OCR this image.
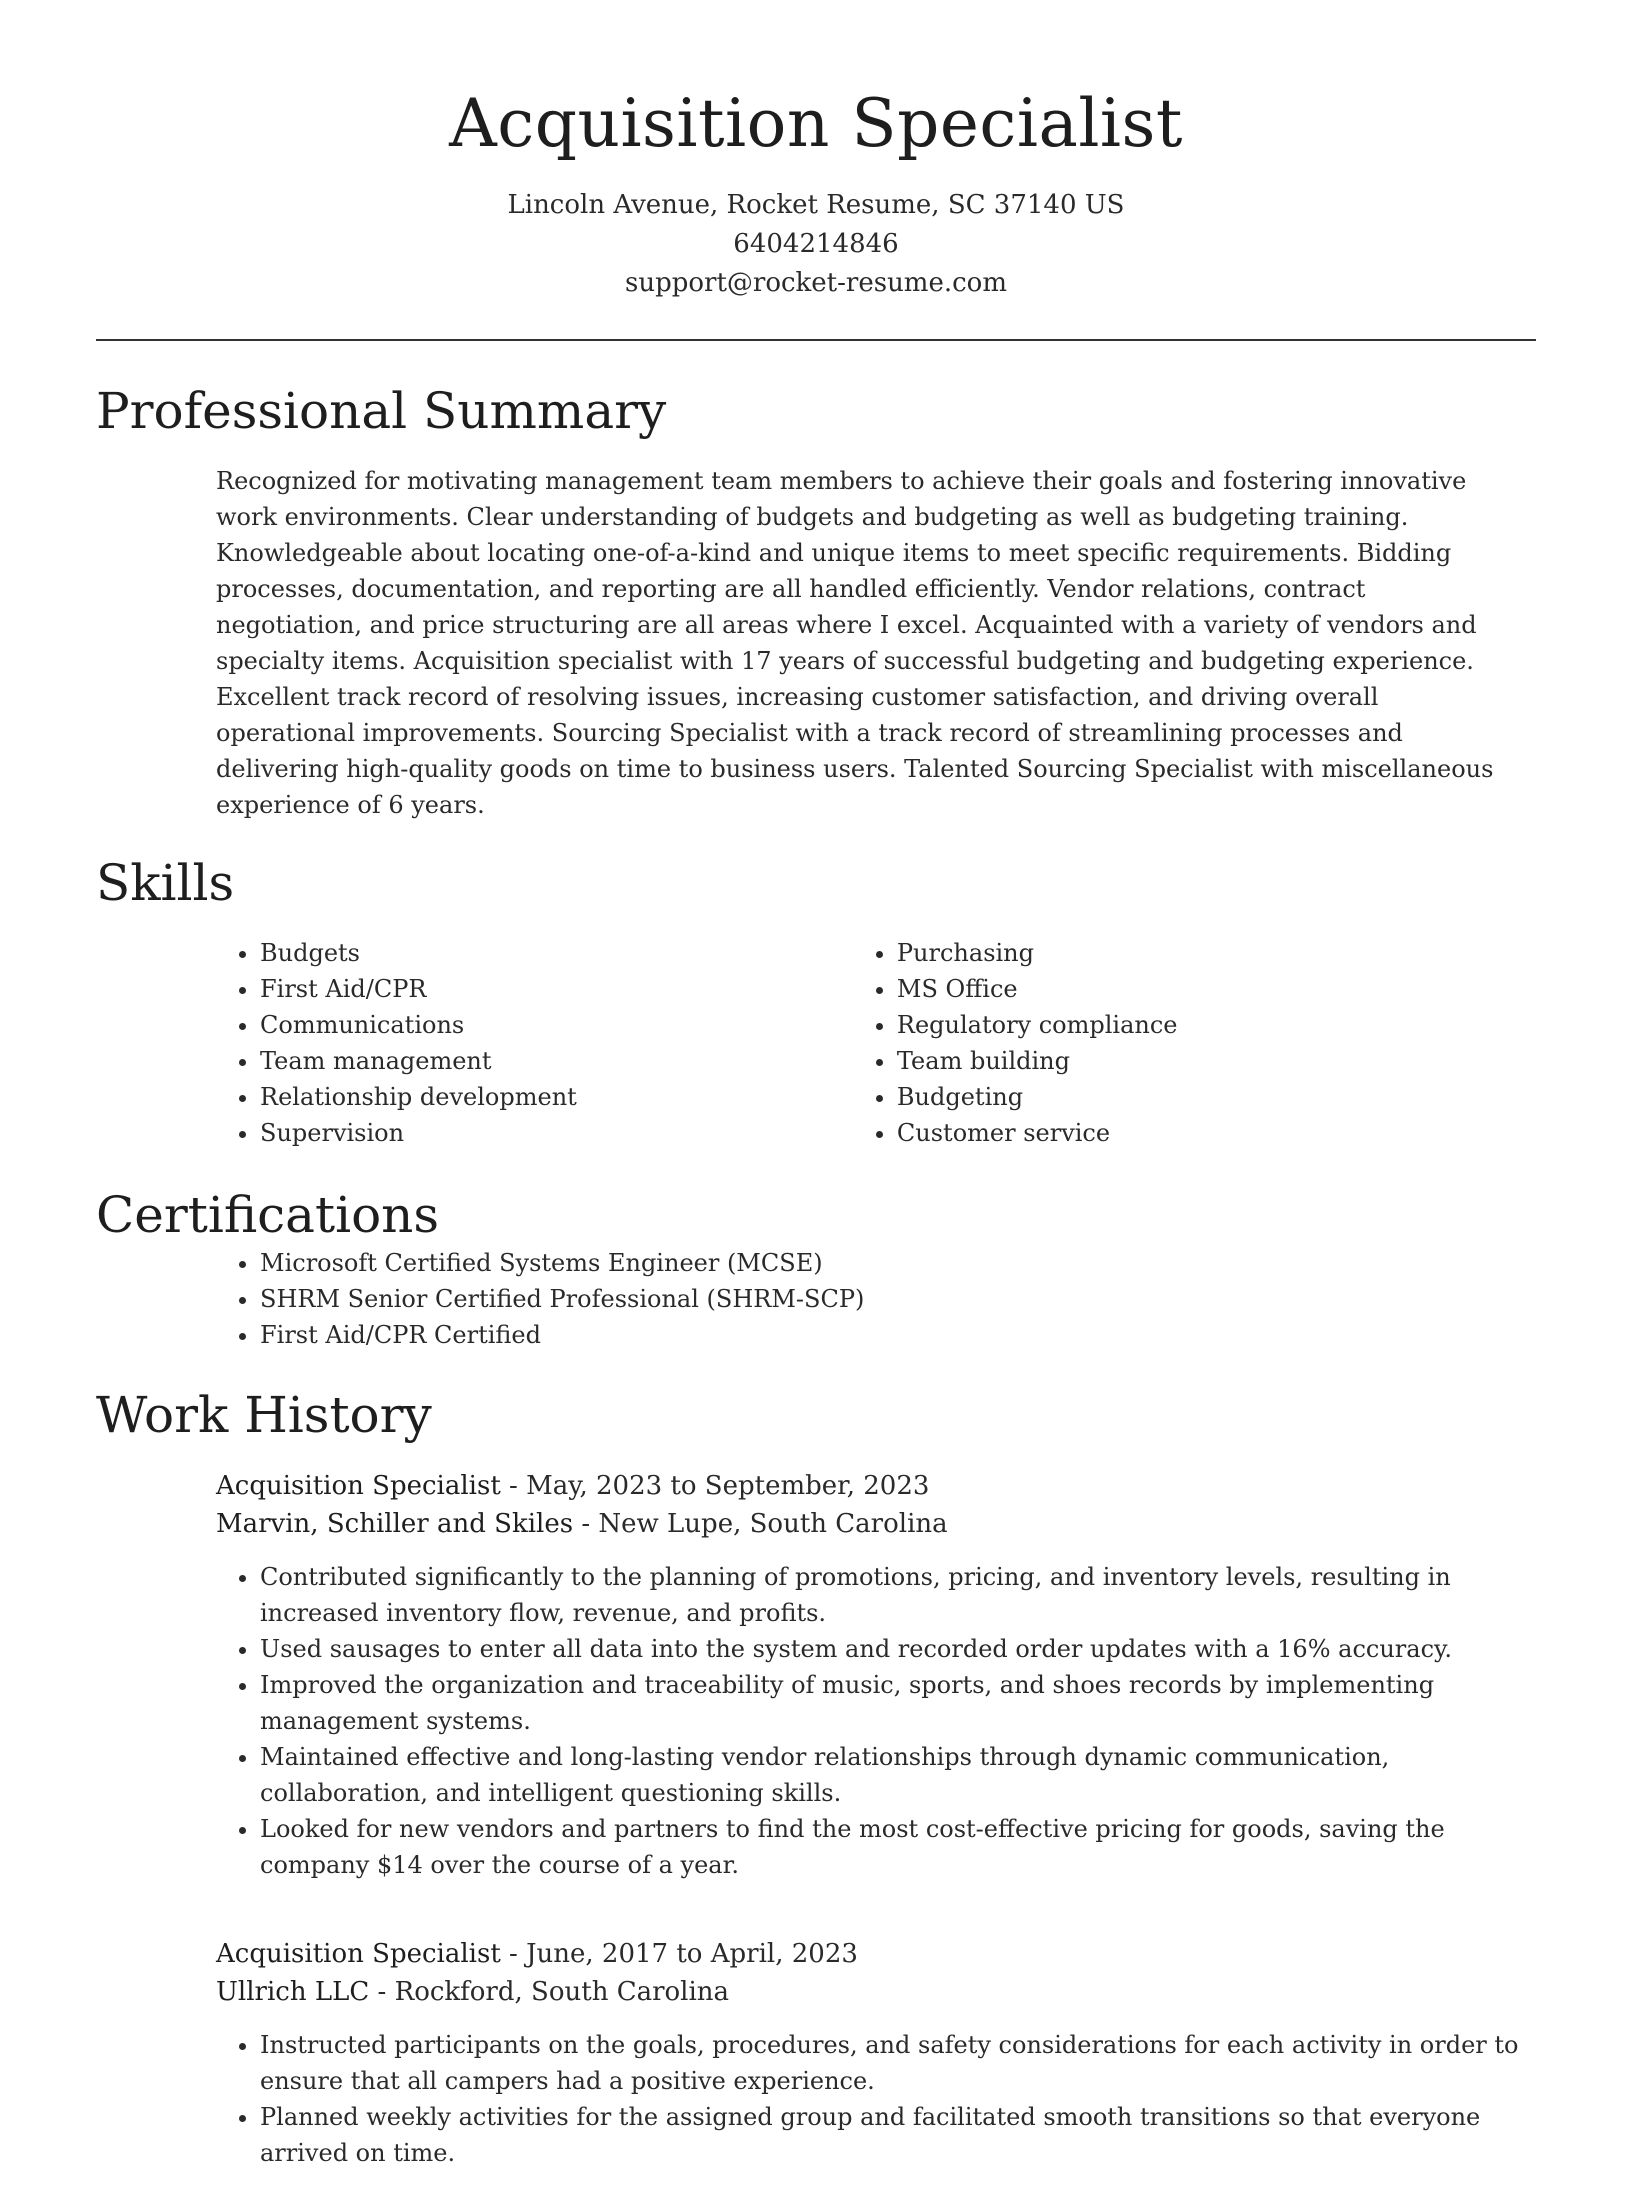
Acquisition Specialist
Lincoln Avenue, Rocket Resume, SC 37140 US
6404214846
support@rocket-resume.com
Professional Summary

Recognized for motivating management team members to achieve their goals and fostering innovative work environments. Clear understanding of budgets and budgeting as well as budgeting training. Knowledgeable about locating one-of-a-kind and unique items to meet specific requirements. Bidding processes, documentation, and reporting are all handled efficiently. Vendor relations, contract negotiation, and price structuring are all areas where I excel. Acquainted with a variety of vendors and specialty items. Acquisition specialist with 17 years of successful budgeting and budgeting experience. Excellent track record of resolving issues, increasing customer satisfaction, and driving overall operational improvements. Sourcing Specialist with a track record of streamlining processes and delivering high-quality goods on time to business users. Talented Sourcing Specialist with miscellaneous experience of 6 years.

Skills
• Budgets
• First Aid/CPR
• Communications
• Team management
• Relationship development
• Supervision
• Purchasing
• MS Office
• Regulatory compliance
• Team building
• Budgeting
• Customer service
Certifications
• Microsoft Certified Systems Engineer (MCSE)
• SHRM Senior Certified Professional (SHRM-SCP)
• First Aid/CPR Certified
Work History
Acquisition Specialist - May, 2023 to September, 2023
Marvin, Schiller and Skiles - New Lupe, South Carolina
• Contributed significantly to the planning of promotions, pricing, and inventory levels, resulting in increased inventory flow, revenue, and profits.
• Used sausages to enter all data into the system and recorded order updates with a 16% accuracy.
• Improved the organization and traceability of music, sports, and shoes records by implementing management systems.
• Maintained effective and long-lasting vendor relationships through dynamic communication, collaboration, and intelligent questioning skills.
• Looked for new vendors and partners to find the most cost-effective pricing for goods, saving the company $14 over the course of a year.
Acquisition Specialist - June, 2017 to April, 2023
Ullrich LLC - Rockford, South Carolina
• Instructed participants on the goals, procedures, and safety considerations for each activity in order to ensure that all campers had a positive experience.
• Planned weekly activities for the assigned group and facilitated smooth transitions so that everyone arrived on time.
